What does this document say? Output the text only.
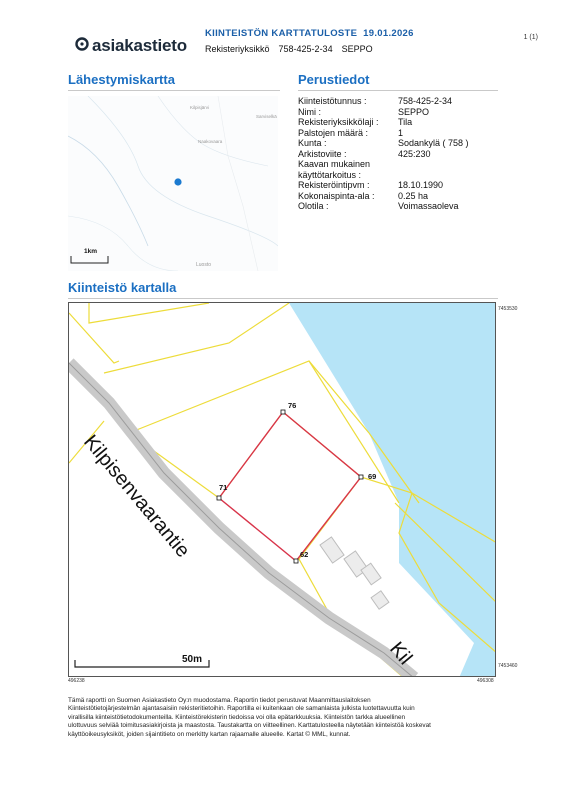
asiakastieto
KIINTEISTÖN KARTTATULOSTE 19.01.2026
Rekisteriyksikkö 758-425-2-34 SEPPO
1 (1)
Lähestymiskartta	Perustiedot
Kilpisjärvi
Sarviselkä
Naakovaara
Luosto
1km
Kiinteistötunnus :	758-425-2-34
Nimi :	SEPPO
Rekisteriyksikkölaji :	Tila
Palstojen määrä :	1
Kunta :	Sodankylä ( 758 )
Arkistoviite :	425:230
Kaavan mukainen
käyttötarkoitus :
Rekisteröintipvm :	18.10.1990
Kokonaispinta-ala :	0.25 ha
Olotila :	Voimassaoleva
Kiinteistö kartalla
Kilpisenvaarantie
Kil
76
69
62
71
50m
7453530
7453460
496238	496308
Tämä raportti on Suomen Asiakastieto Oy:n muodostama. Raportin tiedot perustuvat Maanmittauslaitoksen
Kiinteistötietojärjestelmän ajantasaisiin rekisteritietoihin. Raportilla ei kuitenkaan ole samanlaista julkista luotettavuutta kuin
virallisilla kiinteistötietodokumenteilla. Kiinteistörekisterin tiedoissa voi olla epätarkkuuksia. Kiinteistön tarkka alueellinen
ulottuvuus selviää toimitusasiakirjoista ja maastosta. Taustakartta on viitteellinen. Karttatulosteella näytetään kiinteistöä koskevat
käyttöoikeusyksiköt, joiden sijaintitieto on merkitty kartan rajaamalle alueelle. Kartat © MML, kunnat.
